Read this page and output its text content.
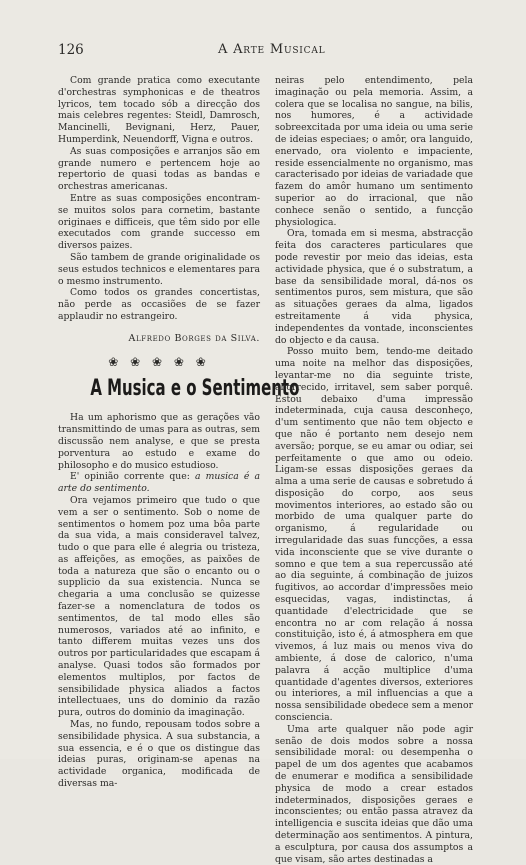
126	A Arte Musical

Com grande pratica como executante d'orchestras symphonicas e de theatros lyricos, tem tocado sób a direcção dos mais celebres regentes: Steidl, Damrosch, Mancinelli, Bevignani, Herz, Pauer, Humperdink, Neuendorff, Vigna e outros.

As suas composições e arranjos são em grande numero e pertencem hoje ao repertorio de quasi todas as bandas e orchestras americanas.

Entre as suas composições encontram-se muitos solos para cornetim, bastante originaes e difficeis, que têm sido por elle executados com grande successo em diversos paizes.

São tambem de grande originalidade os seus estudos technicos e elementares para o mesmo instrumento.

Como todos os grandes concertistas, não perde as occasiões de se fazer applaudir no estrangeiro.

Alfredo Borges da Silva.

❀ ❀ ❀ ❀ ❀
A Musica e o Sentimento

Ha um aphorismo que as gerações vão transmittindo de umas para as outras, sem discussão nem analyse, e que se presta porventura ao estudo e exame do philosopho e do musico estudioso.

E' opinião corrente que: a musica é a arte do sentimento.

Ora vejamos primeiro que tudo o que vem a ser o sentimento. Sob o nome de sentimentos o homem poz uma bôa parte da sua vida, a mais consideravel talvez, tudo o que para elle é alegria ou tristeza, as affeições, as emoções, as paixões de toda a natureza que são o encanto ou o supplicio da sua existencia. Nunca se chegaria a uma conclusão se quizesse fazer-se a nomenclatura de todos os sentimentos, de tal modo elles são numerosos, variados até ao infinito, e tanto differem muitas vezes uns dos outros por particularidades que escapam á analyse. Quasi todos são formados por elementos multiplos, por factos de sensibilidade physica aliados a factos intellectuaes, uns do dominio da razão pura, outros do dominio da imaginação.

Mas, no fundo, repousam todos sobre a sensibilidade physica. A sua substancia, a sua essencia, e é o que os distingue das ideias puras, originam-se apenas na actividade organica, modificada de diversas ma-

neiras pelo entendimento, pela imaginação ou pela memoria. Assim, a colera que se localisa no sangue, na bilis, nos humores, é a actividade sobreexcitada por uma ideia ou uma serie de ideias especiaes; o amôr, ora languido, enervado, ora violento e impaciente, reside essencialmente no organismo, mas caracterisado por ideias de variadade que fazem do amôr humano um sentimento superior ao do irracional, que não conhece senão o sentido, a funcção physiologica.

Ora, tomada em si mesma, abstracção feita dos caracteres particulares que pode revestir por meio das ideias, esta actividade physica, que é o substratum, a base da sensibilidade moral, dá-nos os sentimentos puros, sem mistura, que são as situações geraes da alma, ligados estreitamente á vida physica, independentes da vontade, inconscientes do objecto e da causa.

Posso muito bem, tendo-me deitado uma noite na melhor das disposições, levantar-me no dia seguinte triste, aborrecido, irritavel, sem saber porquê. Estou debaixo d'uma impressão indeterminada, cuja causa desconheço, d'um sentimento que não tem objecto e que não é portanto nem desejo nem aversão; porque, se eu amar ou odiar, sei perfeitamente o que amo ou odeio. Ligam-se essas disposições geraes da alma a uma serie de causas e sobretudo á disposição do corpo, aos seus movimentos interiores, ao estado são ou morbido de uma qualquer parte do organismo, á regularidade ou irregularidade das suas funcções, a essa vida inconsciente que se vive durante o somno e que tem a sua repercussão até ao dia seguinte, á combinação de juizos fugitivos, ao accordar d'impressões meio esquecidas, vagas, indistinctas, á quantidade d'electricidade que se encontra no ar com relação á nossa constituição, isto é, á atmosphera em que vivemos, á luz mais ou menos viva do ambiente, á dose de calorico, n'uma palavra á acção multiplice d'uma quantidade d'agentes diversos, exteriores ou interiores, a mil influencias a que a nossa sensibilidade obedece sem a menor consciencia.

Uma arte qualquer não pode agir senão de dois modos sobre a nossa sensibilidade moral: ou desempenha o papel de um dos agentes que acabamos de enumerar e modifica a sensibilidade physica de modo a crear estados indeterminados, disposições geraes e inconscientes; ou então passa atravez da intelligencia e suscita ideias que dão uma determinação aos sentimentos. A pintura, a esculptura, por causa dos assumptos a que visam, são artes destinadas a
